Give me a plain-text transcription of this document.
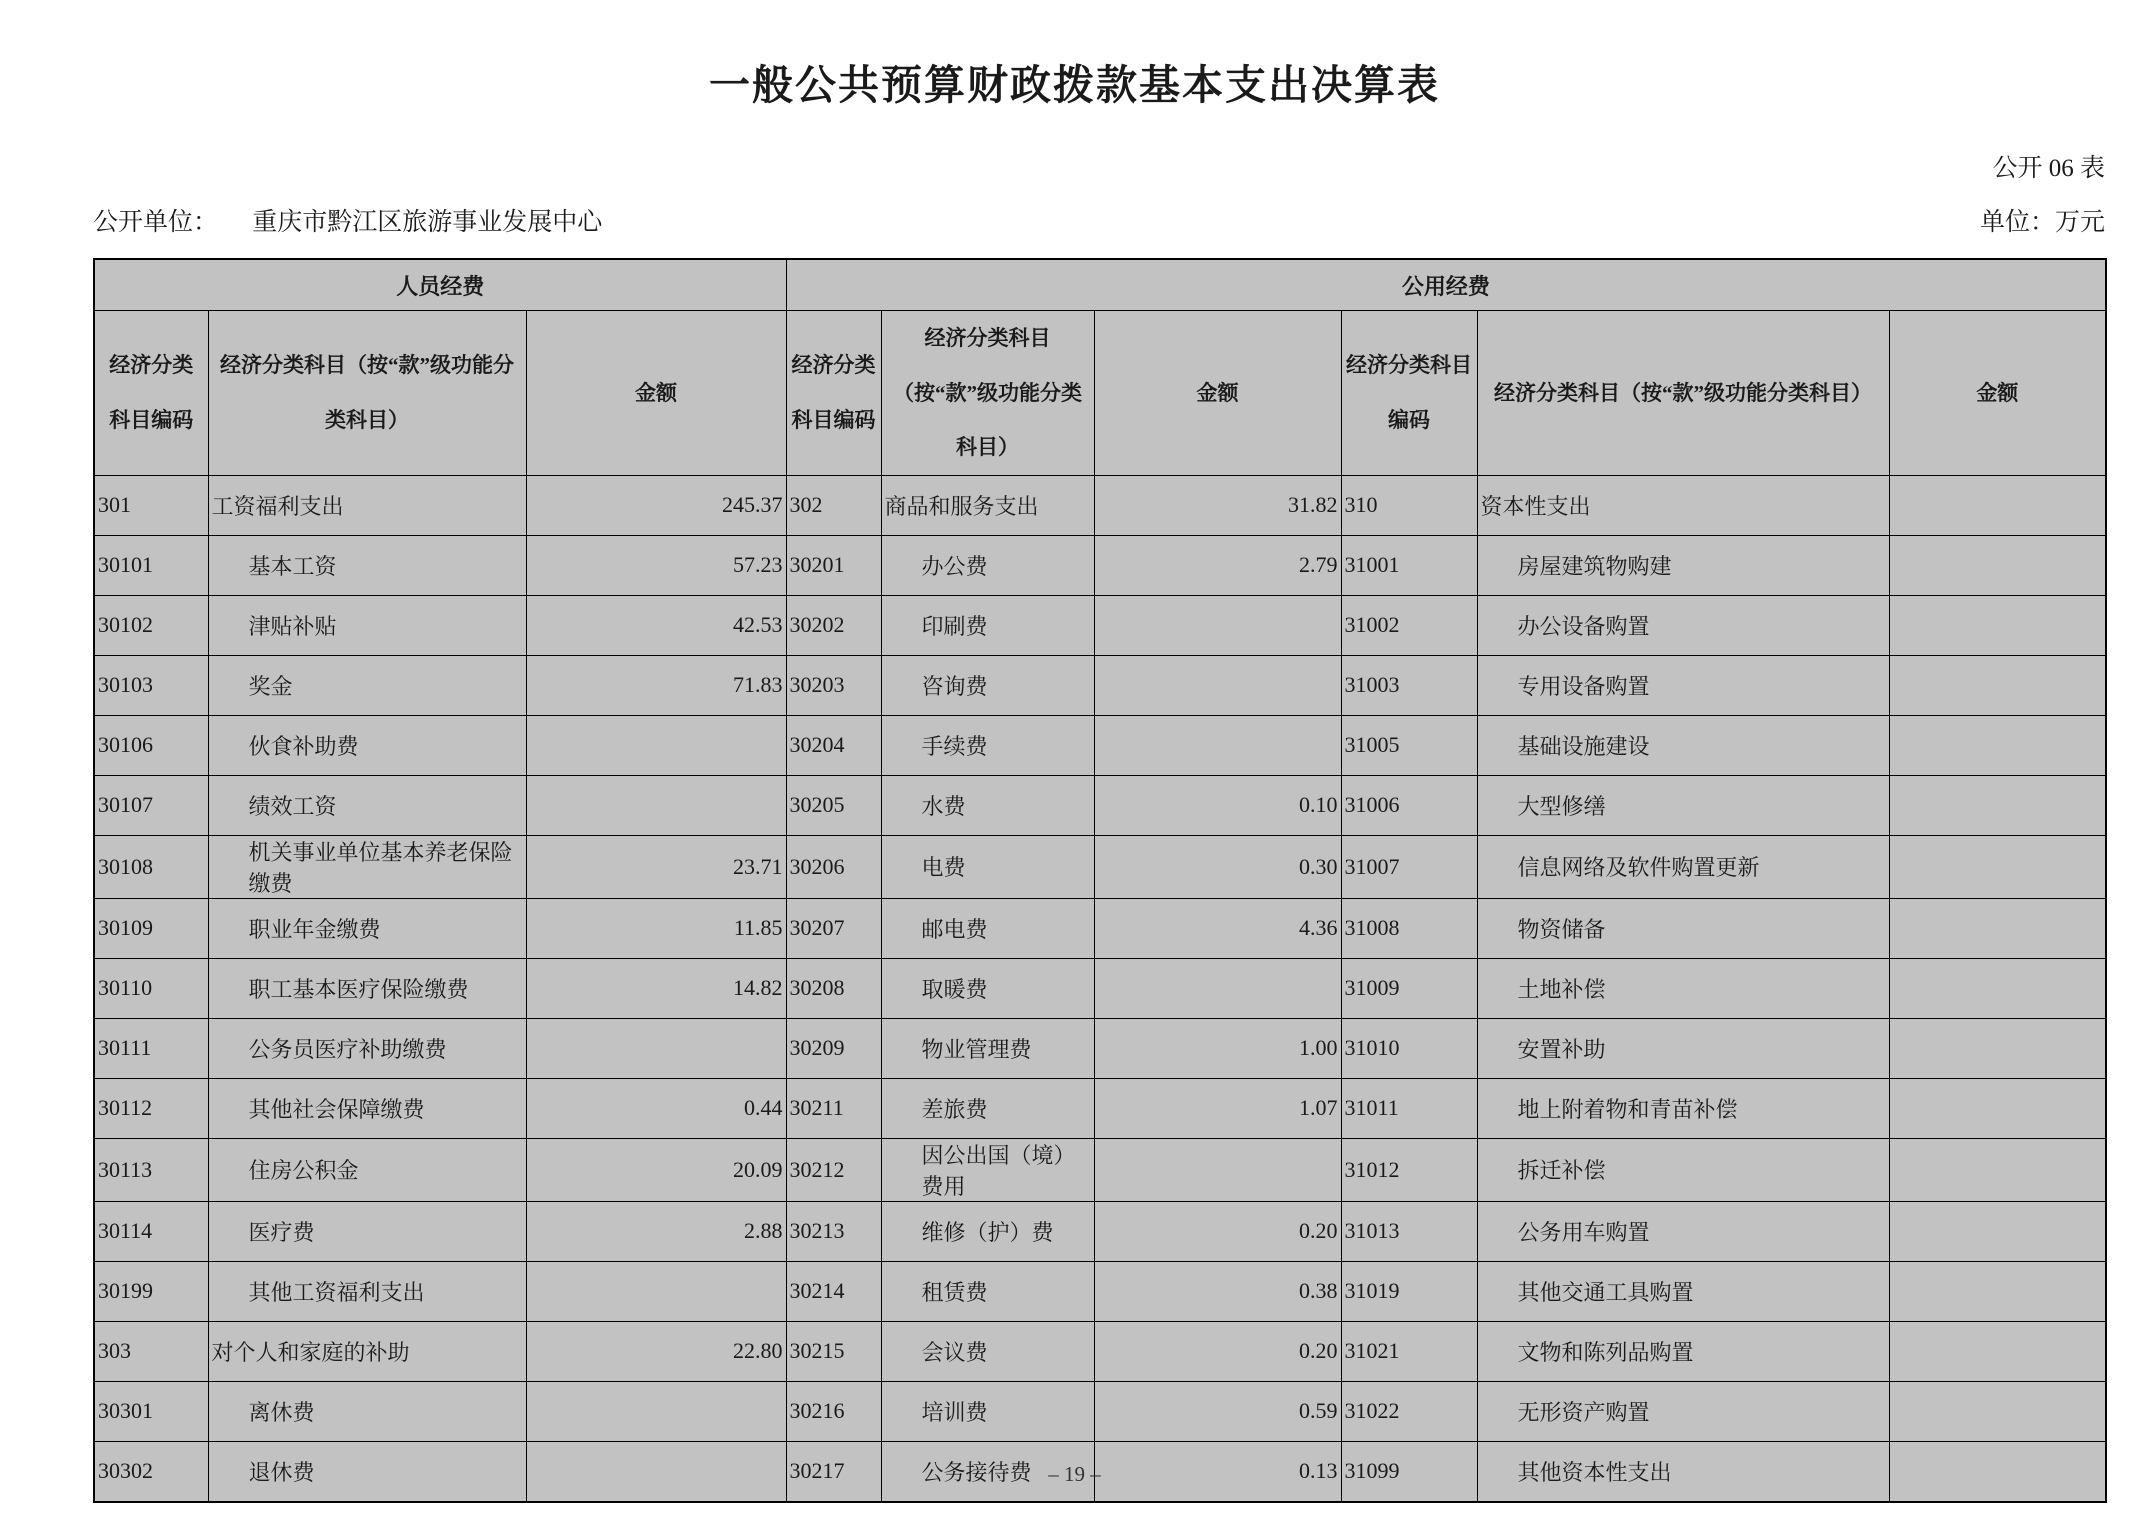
一般公共预算财政拨款基本支出决算表
公开 06 表
公开单位： 重庆市黔江区旅游事业发展中心	单位：万元
人员经费			公用经费					
经济分类科目编码	经济分类科目（按“款”级功能分类科目）	金额	经济分类科目编码	经济分类科目（按“款”级功能分类科目）	金额	经济分类科目编码	经济分类科目（按“款”级功能分类科目）	金额
301	工资福利支出	245.37	302	商品和服务支出	31.82	310	资本性支出	
30101	基本工资	57.23	30201	办公费	2.79	31001	房屋建筑物购建	
30102	津贴补贴	42.53	30202	印刷费		31002	办公设备购置	
30103	奖金	71.83	30203	咨询费		31003	专用设备购置	
30106	伙食补助费		30204	手续费		31005	基础设施建设	
30107	绩效工资		30205	水费	0.10	31006	大型修缮	
30108	机关事业单位基本养老保险缴费	23.71	30206	电费	0.30	31007	信息网络及软件购置更新	
30109	职业年金缴费	11.85	30207	邮电费	4.36	31008	物资储备	
30110	职工基本医疗保险缴费	14.82	30208	取暖费		31009	土地补偿	
30111	公务员医疗补助缴费		30209	物业管理费	1.00	31010	安置补助	
30112	其他社会保障缴费	0.44	30211	差旅费	1.07	31011	地上附着物和青苗补偿	
30113	住房公积金	20.09	30212	因公出国（境）费用		31012	拆迁补偿	
30114	医疗费	2.88	30213	维修（护）费	0.20	31013	公务用车购置	
30199	其他工资福利支出		30214	租赁费	0.38	31019	其他交通工具购置	
303	对个人和家庭的补助	22.80	30215	会议费	0.20	31021	文物和陈列品购置	
30301	离休费		30216	培训费	0.59	31022	无形资产购置	
30302	退休费		30217	公务接待费	0.13	31099	其他资本性支出	
– 19 –
